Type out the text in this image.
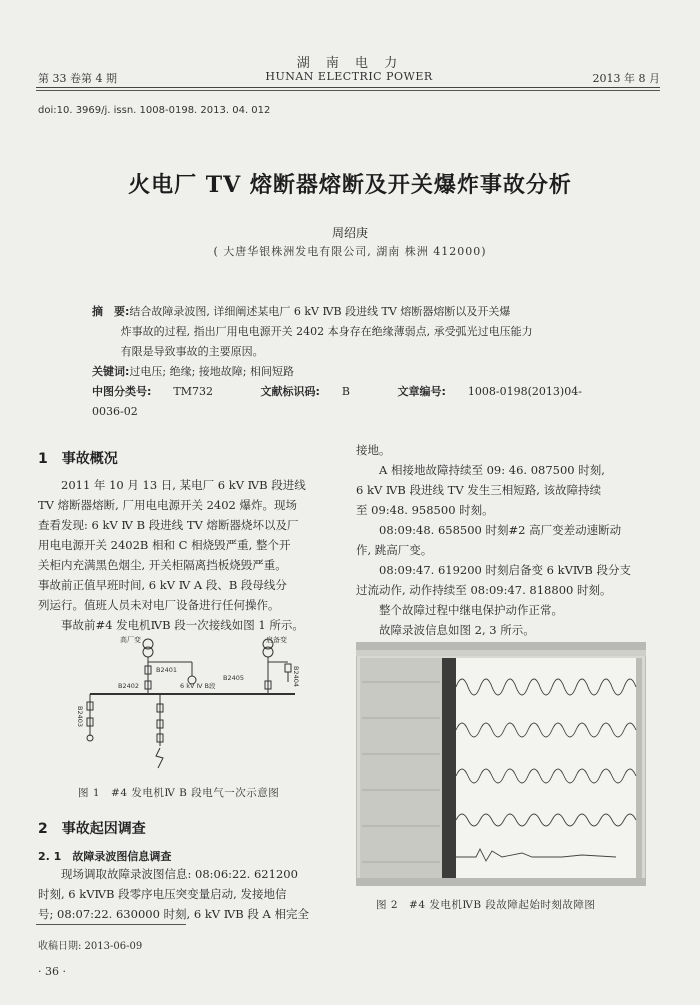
湖 南 电 力
第 33 卷第 4 期	HUNAN ELECTRIC POWER	2013 年 8 月
doi:10. 3969/j. issn. 1008-0198. 2013. 04. 012
火电厂 TV 熔断器熔断及开关爆炸事故分析
周绍庚
( 大唐华银株洲发电有限公司, 湖南 株洲 412000)
摘　要:结合故障录波图, 详细阐述某电厂 6 kV ⅣB 段进线 TV 熔断器熔断以及开关爆
炸事故的过程, 指出厂用电电源开关 2402 本身存在绝缘薄弱点, 承受弧光过电压能力
有限是导致事故的主要原因。
关键词:过电压; 绝缘; 接地故障; 相间短路
中图分类号: TM732	文献标识码: B	文章编号: 1008-0198(2013)04-0036-02
1　事故概况

2011 年 10 月 13 日, 某电厂 6 kV ⅣB 段进线

TV 熔断器熔断, 厂用电电源开关 2402 爆炸。现场

查看发现: 6 kV Ⅳ B 段进线 TV 熔断器烧坏以及厂

用电电源开关 2402B 相和 C 相烧毁严重, 整个开

关柜内充满黑色烟尘, 开关柜隔离挡板烧毁严重。

事故前正值早班时间, 6 kV Ⅳ A 段、B 段母线分

列运行。值班人员未对电厂设备进行任何操作。

事故前#4 发电机ⅣB 段一次接线如图 1 所示。

高厂变	启备变
B2401
B2402	6 kV Ⅳ B段
B2405	B2404
B2403
图 1　#4 发电机Ⅳ B 段电气一次示意图
2　事故起因调查
2. 1　故障录波图信息调查

现场调取故障录波图信息: 08:06:22. 621200

时刻, 6 kVⅣB 段零序电压突变量启动, 发接地信

号; 08:07:22. 630000 时刻, 6 kV ⅣB 段 A 相完全

接地。

A 相接地故障持续至 09: 46. 087500 时刻,

6 kV ⅣB 段进线 TV 发生三相短路, 该故障持续

至 09:48. 958500 时刻。

08:09:48. 658500 时刻#2 高厂变差动速断动

作, 跳高厂变。

08:09:47. 619200 时刻启备变 6 kVⅣB 段分支

过流动作, 动作持续至 08:09:47. 818800 时刻。

整个故障过程中继电保护动作正常。

故障录波信息如图 2, 3 所示。

图 2　#4 发电机ⅣB 段故障起始时刻故障图
收稿日期: 2013-06-09
· 36 ·
